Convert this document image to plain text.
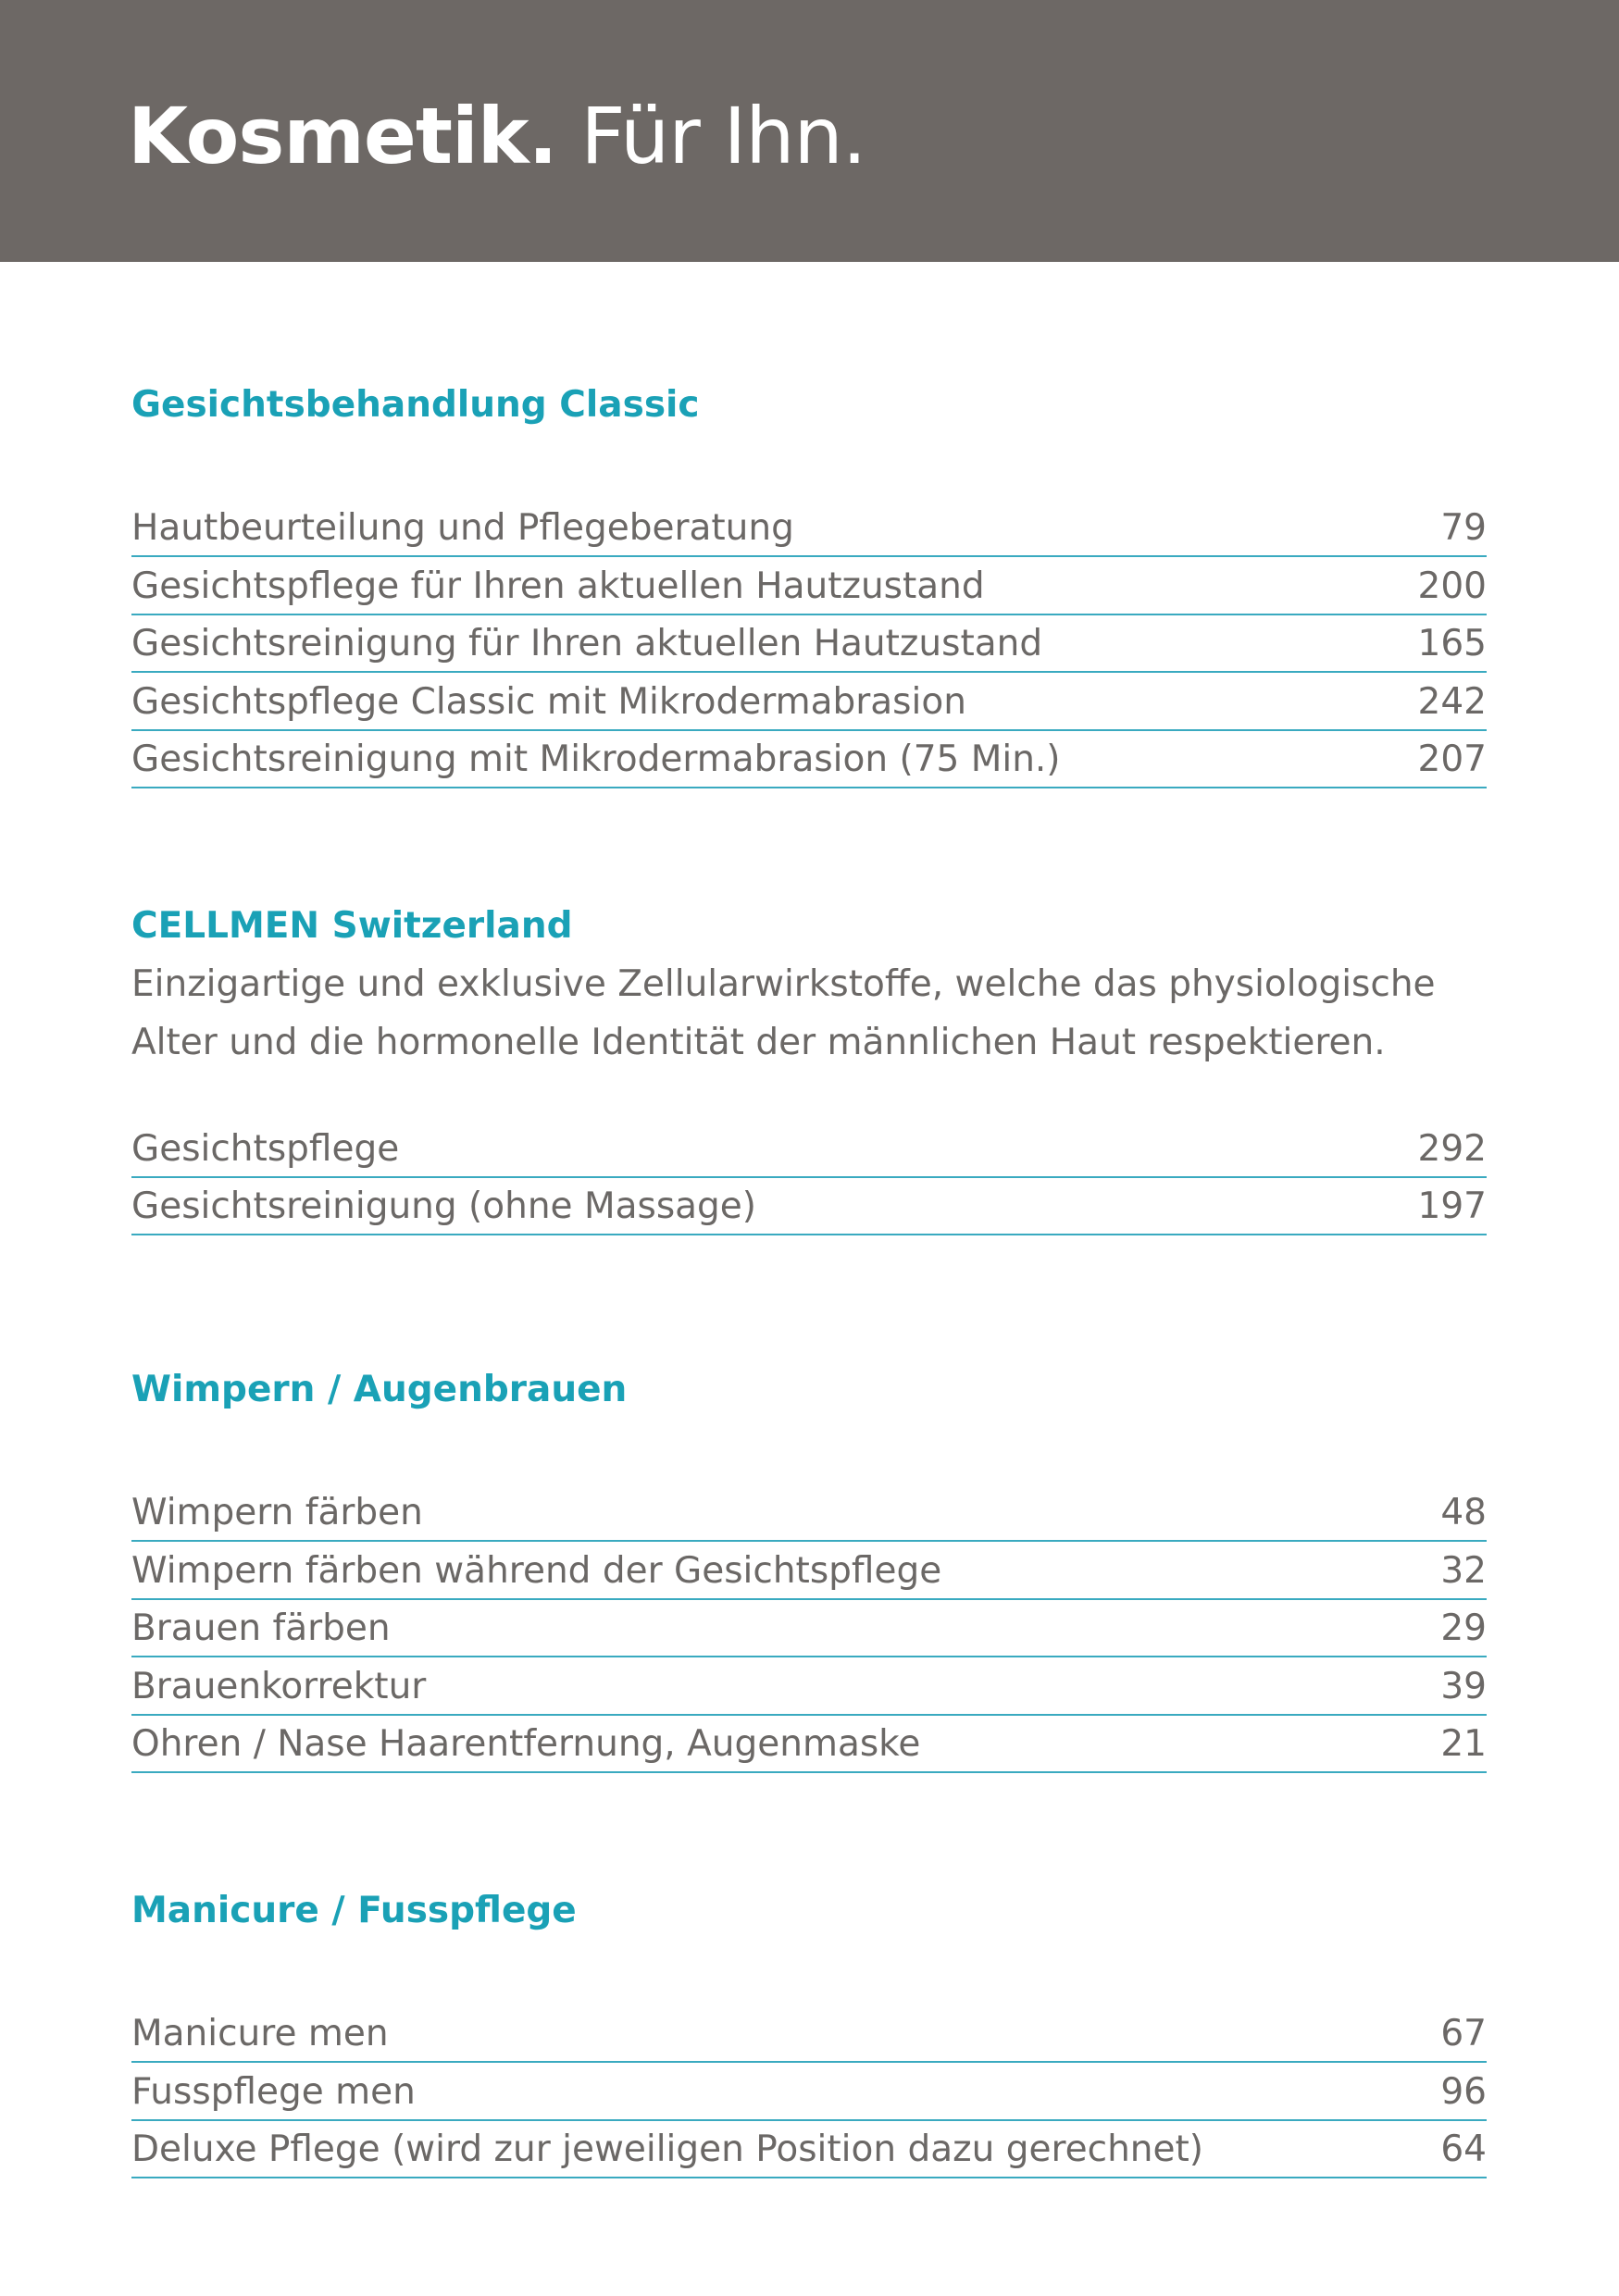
Kosmetik. Für Ihn.
Gesichtsbehandlung Classic
Hautbeurteilung und Pflegeberatung	79
Gesichtspflege für Ihren aktuellen Hautzustand	200
Gesichtsreinigung für Ihren aktuellen Hautzustand	165
Gesichtspflege Classic mit Mikrodermabrasion	242
Gesichtsreinigung mit Mikrodermabrasion (75 Min.)	207
CELLMEN Switzerland
Einzigartige und exklusive Zellularwirkstoffe, welche das physiologische
Alter und die hormonelle Identität der männlichen Haut respektieren.
Gesichtspflege	292
Gesichtsreinigung (ohne Massage)	197
Wimpern / Augenbrauen
Wimpern färben	48
Wimpern färben während der Gesichtspflege	32
Brauen färben	29
Brauenkorrektur	39
Ohren / Nase Haarentfernung, Augenmaske	21
Manicure / Fusspflege
Manicure men	67
Fusspflege men	96
Deluxe Pflege (wird zur jeweiligen Position dazu gerechnet)	64
